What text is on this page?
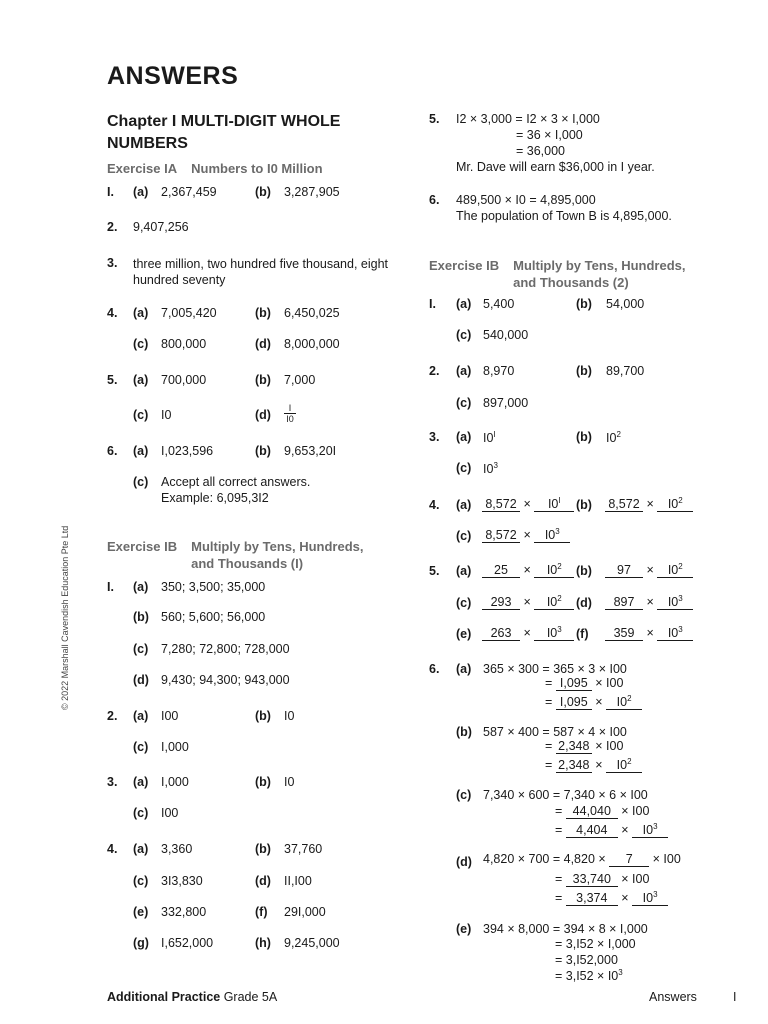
ANSWERS
Chapter I MULTI-DIGIT WHOLE NUMBERS
Exercise IA Numbers to I0 Million
I. (a) 2,367,459	(b) 3,287,905
2. 9,407,256
3. three million, two hundred five thousand, eight hundred seventy
4. (a) 7,005,420	(b) 6,450,025
(c) 800,000	(d) 8,000,000
5. (a) 700,000	(b) 7,000
(c) I0	$(d) \frac{I}{I0}$
6. (a) I,023,596	(b) 9,653,20I
(c) Accept all correct answers.
Example: 6,095,3I2
Exercise IB Multiply by Tens, Hundreds,
and Thousands (I)
I. (a) 350; 3,500; 35,000
(b) 560; 5,600; 56,000
(c) 7,280; 72,800; 728,000
(d) 9,430; 94,300; 943,000
2. (a) I00	(b) I0
(c) I,000
3. (a) I,000	(b) I0
(c) I00
4. (a) 3,360	(b) 37,760
(c) 3I3,830	(d) II,I00
(e) 332,800	(f) 29I,000
(g) I,652,000	(h) 9,245,000
5. I2 × 3,000 = I2 × 3 × I,000
= 36 × I,000
= 36,000
Mr. Dave will earn $36,000 in I year.
6. 489,500 × I0 = 4,895,000
The population of Town B is 4,895,000.
Exercise IB Multiply by Tens, Hundreds,
and Thousands (2)
I. (a) 5,400	(b) 54,000
(c) 540,000
2. (a) 8,970	(b) 89,700
(c) 897,000
3. (a) $I0^I$	(b) $I0^2$
(c) $I0^3$
4. (a) $8,572 \times I0^I$	(b) $8,572 \times I0^2$
(c) $8,572 \times I0^3$
5. (a)	$25 \times I0^2$	(b)	$97 \times I0^2$
(c)	$293 \times I0^2$	(d)	$897 \times I0^3$
(e)	$263 \times I0^3$	(f)	$359 \times I0^3$
6. (a) 365 × 300 = 365 × 3 × I00
= I,095 × I00
= $I,095 \times I0^2$
(b) 587 × 400 = 587 × 4 × I00
= 2,348 × I00
= $2,348 \times I0^2$
(c) 7,340 × 600 = 7,340 × 6 × I00
= 44,040 × I00
= $4,404 \times I0^3$
(d) 4,820 × 700 = 4,820 × 7 × I00
= 33,740 × I00
= $3,374 \times I0^3$
(e) 394 × 8,000 = 394 × 8 × I,000
= 3,I52 × I,000
= 3,I52,000
= $3,I52 \times I0^3$
© 2022 Marshall Cavendish Education Pte Ltd
Additional Practice Grade 5A	Answers	I
